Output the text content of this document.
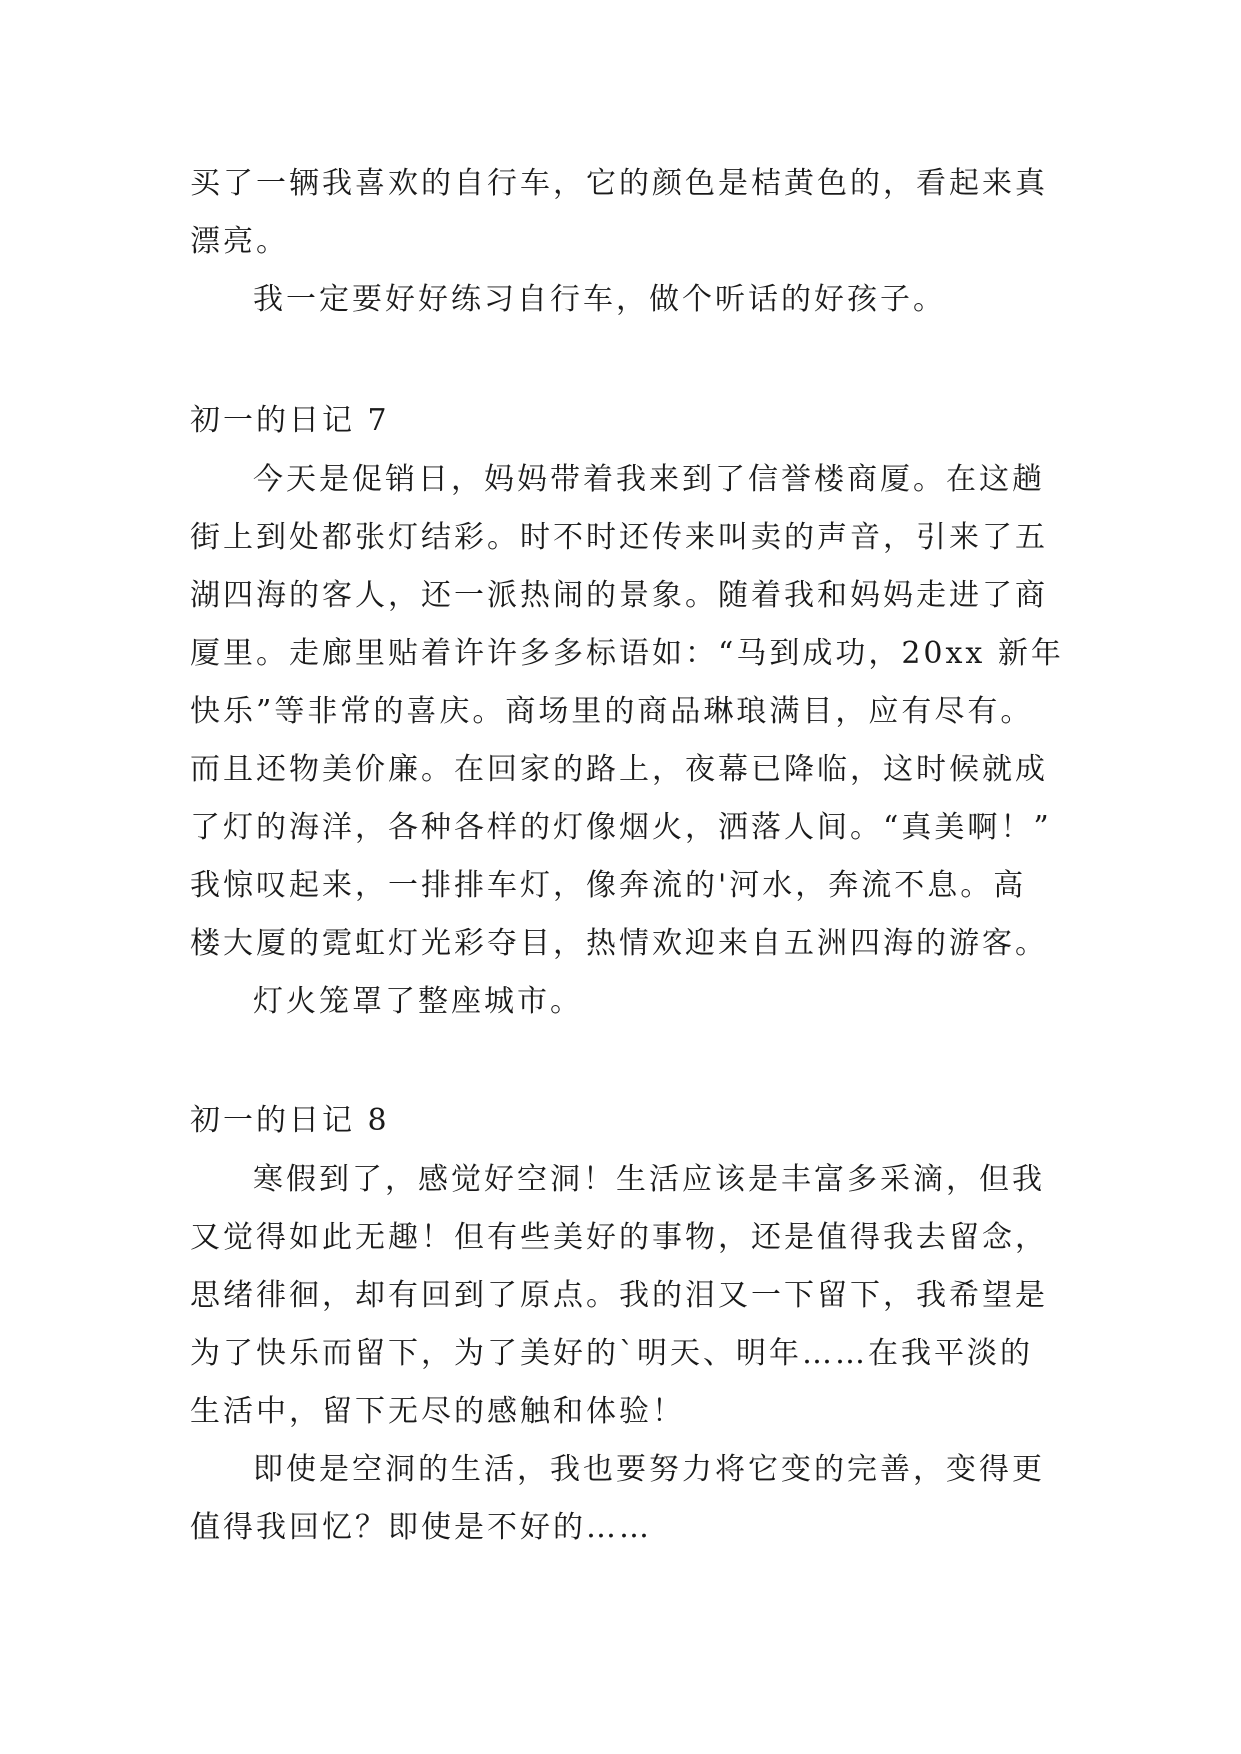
买了一辆我喜欢的自行车，它的颜色是桔黄色的，看起来真
漂亮。
我一定要好好练习自行车，做个听话的好孩子。
初一的日记 7
今天是促销日，妈妈带着我来到了信誉楼商厦。在这趟
街上到处都张灯结彩。时不时还传来叫卖的声音，引来了五
湖四海的客人，还一派热闹的景象。随着我和妈妈走进了商
厦里。走廊里贴着许许多多标语如：“马到成功，20xx 新年
快乐”等非常的喜庆。商场里的商品琳琅满目，应有尽有。
而且还物美价廉。在回家的路上，夜幕已降临，这时候就成
了灯的海洋，各种各样的灯像烟火，洒落人间。“真美啊！”
我惊叹起来，一排排车灯，像奔流的'河水，奔流不息。高
楼大厦的霓虹灯光彩夺目，热情欢迎来自五洲四海的游客。
灯火笼罩了整座城市。
初一的日记 8
寒假到了，感觉好空洞！生活应该是丰富多采滴，但我
又觉得如此无趣！但有些美好的事物，还是值得我去留念，
思绪徘徊，却有回到了原点。我的泪又一下留下，我希望是
为了快乐而留下，为了美好的`明天、明年……在我平淡的
生活中，留下无尽的感触和体验！
即使是空洞的生活，我也要努力将它变的完善，变得更
值得我回忆？即使是不好的……
